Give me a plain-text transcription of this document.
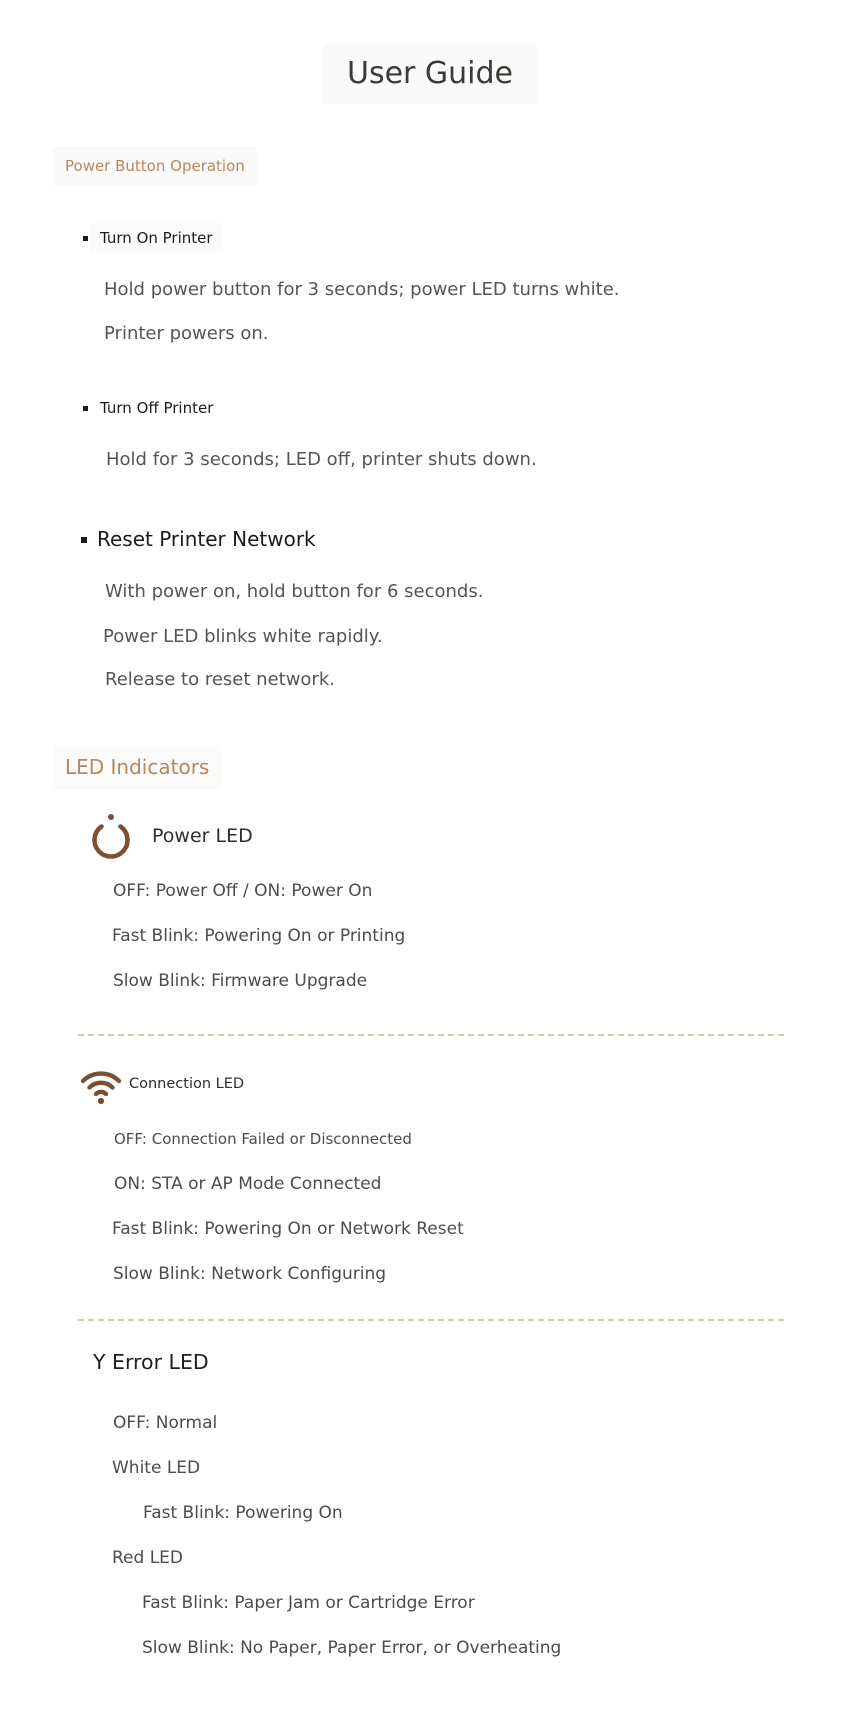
User Guide
Power Button Operation
Turn On Printer
Hold power button for 3 seconds; power LED turns white.
Printer powers on.
Turn Off Printer
Hold for 3 seconds; LED off, printer shuts down.
Reset Printer Network
With power on, hold button for 6 seconds.
Power LED blinks white rapidly.
Release to reset network.
LED Indicators
Power LED
OFF: Power Off / ON: Power On
Fast Blink: Powering On or Printing
Slow Blink: Firmware Upgrade
Connection LED
OFF: Connection Failed or Disconnected
ON: STA or AP Mode Connected
Fast Blink: Powering On or Network Reset
Slow Blink: Network Configuring
Y Error LED
OFF: Normal
White LED
Fast Blink: Powering On
Red LED
Fast Blink: Paper Jam or Cartridge Error
Slow Blink: No Paper, Paper Error, or Overheating
